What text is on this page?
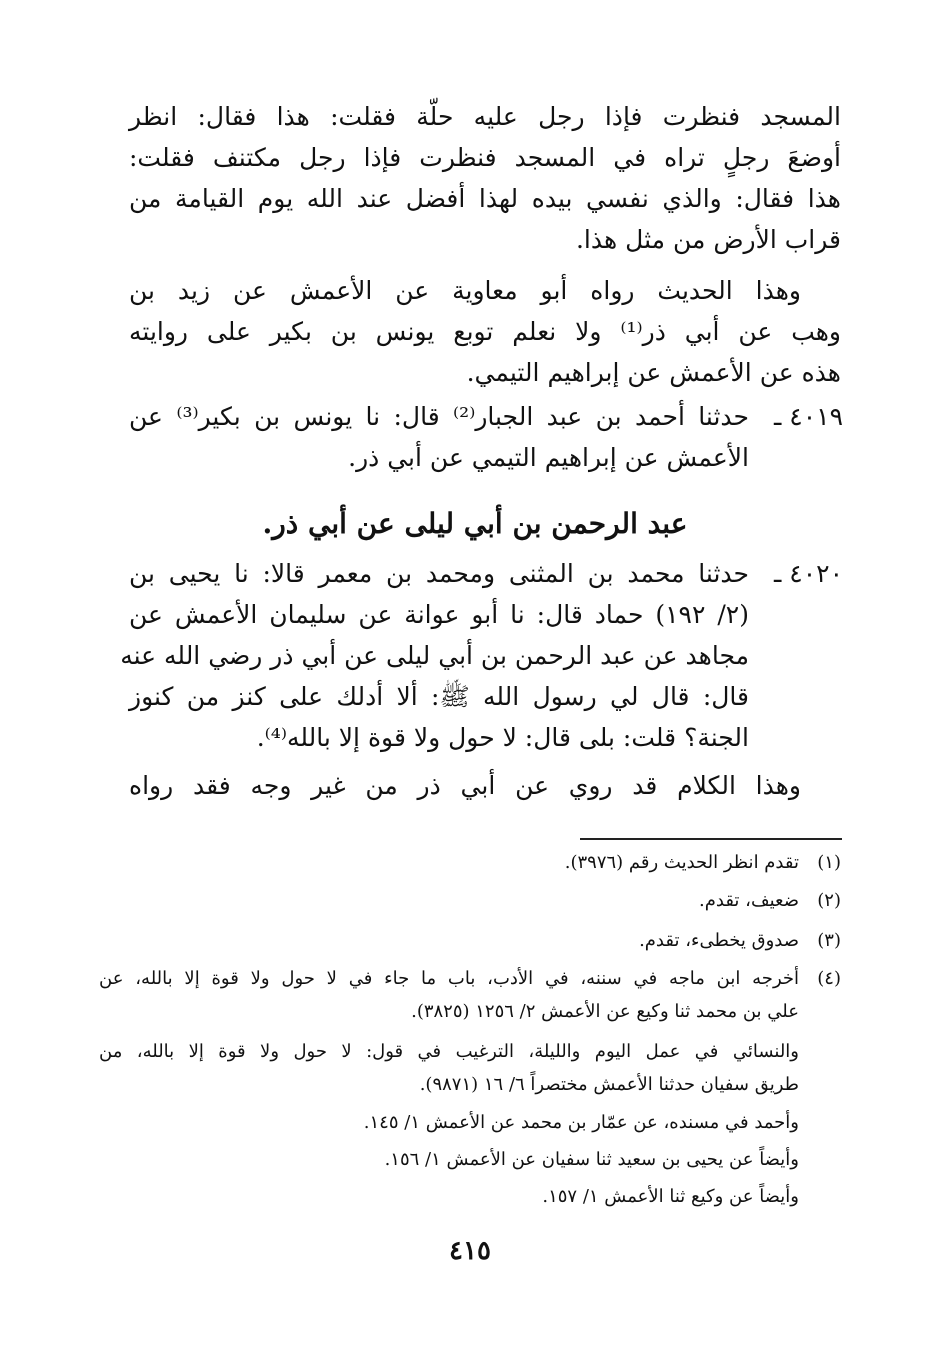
المسجد فنظرت فإذا رجل عليه حلّة فقلت: هذا فقال: انظر
أوضعَ رجلٍ تراه في المسجد فنظرت فإذا رجل مكتنف فقلت:
هذا فقال: والذي نفسي بيده لهذا أفضل عند الله يوم القيامة من
قراب الأرض من مثل هذا.
وهذا الحديث رواه أبو معاوية عن الأعمش عن زيد بن
وهب عن أبي ذر⁽¹⁾ ولا نعلم توبع يونس بن بكير على روايته
هذه عن الأعمش عن إبراهيم التيمي.
٤٠١٩ ـ
حدثنا أحمد بن عبد الجبار⁽²⁾ قال: نا يونس بن بكير⁽³⁾ عن
الأعمش عن إبراهيم التيمي عن أبي ذر.
عبد الرحمن بن أبي ليلى عن أبي ذر.
٤٠٢٠ ـ
حدثنا محمد بن المثنى ومحمد بن معمر قالا: نا يحيى بن
(٢/ ١٩٢) حماد قال: نا أبو عوانة عن سليمان الأعمش عن
مجاهد عن عبد الرحمن بن أبي ليلى عن أبي ذر رضي الله عنه
قال: قال لي رسول الله ﷺ: ألا أدلك على كنز من كنوز
الجنة؟ قلت: بلى قال: لا حول ولا قوة إلا بالله⁽⁴⁾.
وهذا الكلام قد روي عن أبي ذر من غير وجه فقد رواه
(١)
تقدم انظر الحديث رقم (٣٩٧٦).
(٢)
ضعيف، تقدم.
(٣)
صدوق يخطىء، تقدم.
(٤)
أخرجه ابن ماجه في سننه، في الأدب، باب ما جاء في لا حول ولا قوة إلا بالله، عن
علي بن محمد ثنا وكيع عن الأعمش ٢/ ١٢٥٦ (٣٨٢٥).
والنسائي في عمل اليوم والليلة، الترغيب في قول: لا حول ولا قوة إلا بالله، من
طريق سفيان حدثنا الأعمش مختصراً ٦/ ١٦ (٩٨٧١).
وأحمد في مسنده، عن عمّار بن محمد عن الأعمش ١/ ١٤٥.
وأيضاً عن يحيى بن سعيد ثنا سفيان عن الأعمش ١/ ١٥٦.
وأيضاً عن وكيع ثنا الأعمش ١/ ١٥٧.
٤١٥
